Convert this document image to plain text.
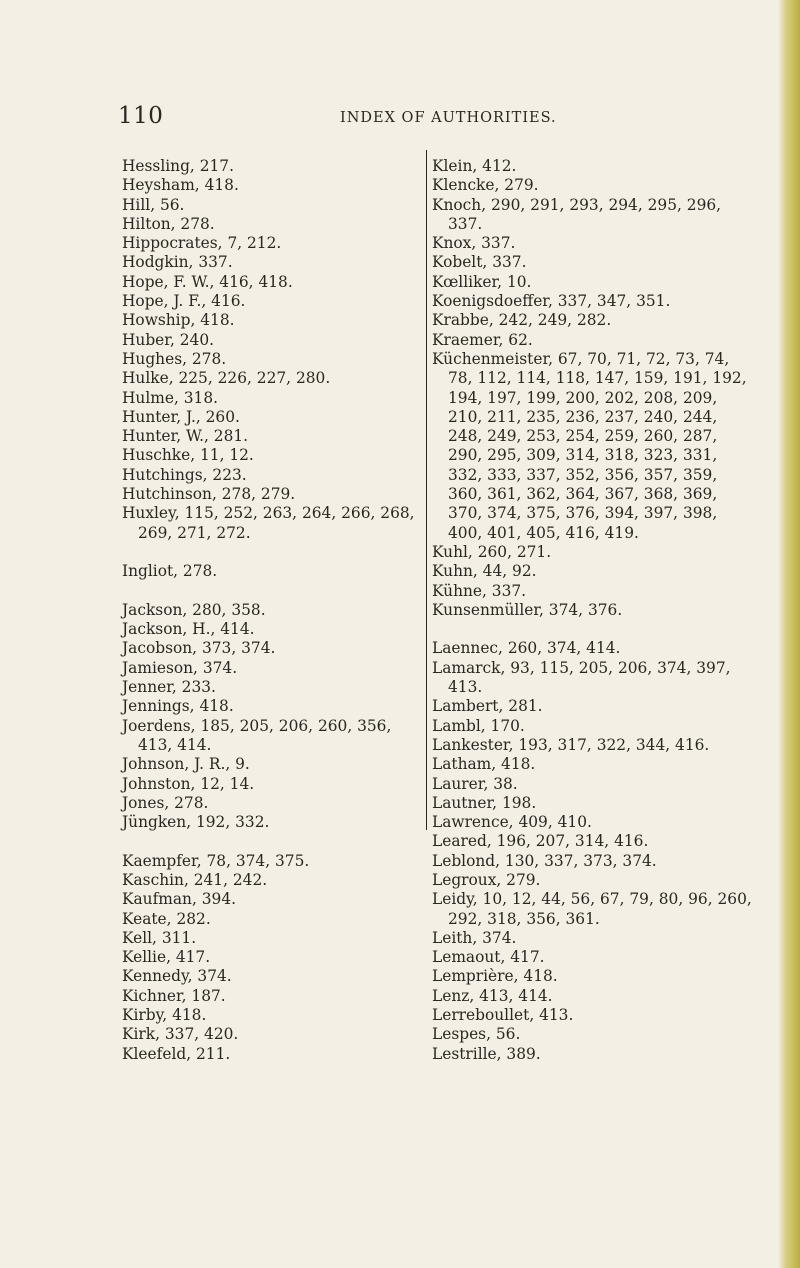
110	INDEX OF AUTHORITIES.

Hessling, 217.

Heysham, 418.

Hill, 56.

Hilton, 278.

Hippocrates, 7, 212.

Hodgkin, 337.

Hope, F. W., 416, 418.

Hope, J. F., 416.

Howship, 418.

Huber, 240.

Hughes, 278.

Hulke, 225, 226, 227, 280.

Hulme, 318.

Hunter, J., 260.

Hunter, W., 281.

Huschke, 11, 12.

Hutchings, 223.

Hutchinson, 278, 279.

Huxley, 115, 252, 263, 264, 266, 268, 269, 271, 272.

Ingliot, 278.

Jackson, 280, 358.

Jackson, H., 414.

Jacobson, 373, 374.

Jamieson, 374.

Jenner, 233.

Jennings, 418.

Joerdens, 185, 205, 206, 260, 356, 413, 414.

Johnson, J. R., 9.

Johnston, 12, 14.

Jones, 278.

Jüngken, 192, 332.

Kaempfer, 78, 374, 375.

Kaschin, 241, 242.

Kaufman, 394.

Keate, 282.

Kell, 311.

Kellie, 417.

Kennedy, 374.

Kichner, 187.

Kirby, 418.

Kirk, 337, 420.

Kleefeld, 211.

Klein, 412.

Klencke, 279.

Knoch, 290, 291, 293, 294, 295, 296, 337.

Knox, 337.

Kobelt, 337.

Kœlliker, 10.

Koenigsdoeffer, 337, 347, 351.

Krabbe, 242, 249, 282.

Kraemer, 62.

Küchenmeister, 67, 70, 71, 72, 73, 74, 78, 112, 114, 118, 147, 159, 191, 192, 194, 197, 199, 200, 202, 208, 209, 210, 211, 235, 236, 237, 240, 244, 248, 249, 253, 254, 259, 260, 287, 290, 295, 309, 314, 318, 323, 331, 332, 333, 337, 352, 356, 357, 359, 360, 361, 362, 364, 367, 368, 369, 370, 374, 375, 376, 394, 397, 398, 400, 401, 405, 416, 419.

Kuhl, 260, 271.

Kuhn, 44, 92.

Kühne, 337.

Kunsenmüller, 374, 376.

Laennec, 260, 374, 414.

Lamarck, 93, 115, 205, 206, 374, 397, 413.

Lambert, 281.

Lambl, 170.

Lankester, 193, 317, 322, 344, 416.

Latham, 418.

Laurer, 38.

Lautner, 198.

Lawrence, 409, 410.

Leared, 196, 207, 314, 416.

Leblond, 130, 337, 373, 374.

Legroux, 279.

Leidy, 10, 12, 44, 56, 67, 79, 80, 96, 260, 292, 318, 356, 361.

Leith, 374.

Lemaout, 417.

Lemprière, 418.

Lenz, 413, 414.

Lerreboullet, 413.

Lespes, 56.

Lestrille, 389.
